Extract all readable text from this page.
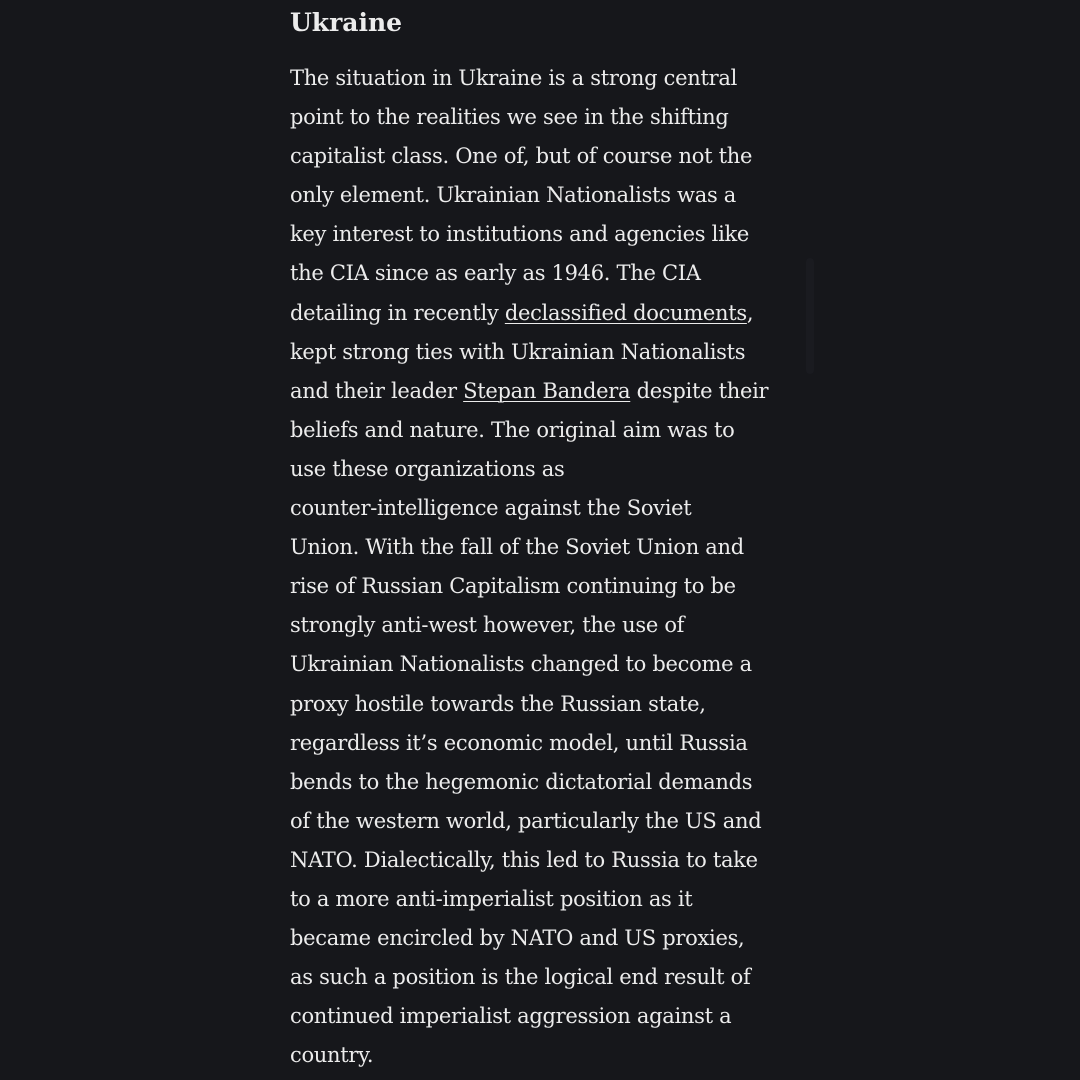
Ukraine
The situation in Ukraine is a strong central
point to the realities we see in the shifting
capitalist class. One of, but of course not the
only element. Ukrainian Nationalists was a
key interest to institutions and agencies like
the CIA since as early as 1946. The CIA
detailing in recently declassified documents,
kept strong ties with Ukrainian Nationalists
and their leader Stepan Bandera despite their
beliefs and nature. The original aim was to
use these organizations as
counter-intelligence against the Soviet
Union. With the fall of the Soviet Union and
rise of Russian Capitalism continuing to be
strongly anti-west however, the use of
Ukrainian Nationalists changed to become a
proxy hostile towards the Russian state,
regardless it’s economic model, until Russia
bends to the hegemonic dictatorial demands
of the western world, particularly the US and
NATO. Dialectically, this led to Russia to take
to a more anti-imperialist position as it
became encircled by NATO and US proxies,
as such a position is the logical end result of
continued imperialist aggression against a
country.
